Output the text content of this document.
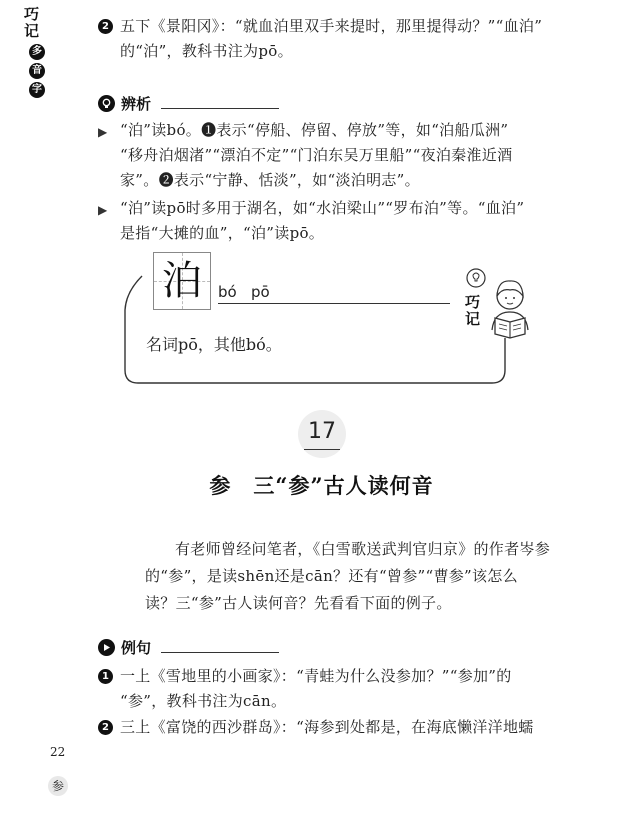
巧
记
多
音
字
2 五下《景阳冈》：“就血泊里双手来提时，那里提得动？”“血泊”
的“泊”，教科书注为pō。
辨析
▶ “泊”读bó。❶表示“停船、停留、停放”等，如“泊船瓜洲”
“移舟泊烟渚”“漂泊不定”“门泊东吴万里船”“夜泊秦淮近酒
家”。❷表示“宁静、恬淡”，如“淡泊明志”。
▶ “泊”读pō时多用于湖名，如“水泊梁山”“罗布泊”等。“血泊”
是指“大摊的血”，“泊”读pō。
泊	bó   pō
名词pō，其他bó。
巧
记
17
参　三“参”古人读何音
有老师曾经问笔者，《白雪歌送武判官归京》的作者岑参
的“参”，是读shēn还是cān？还有“曾参”“曹参”该怎么
读？三“参”古人读何音？先看看下面的例子。
例句
1 一上《雪地里的小画家》：“青蛙为什么没参加？”“参加”的
“参”，教科书注为cān。
2 三上《富饶的西沙群岛》：“海参到处都是，在海底懒洋洋地蠕
22
参
